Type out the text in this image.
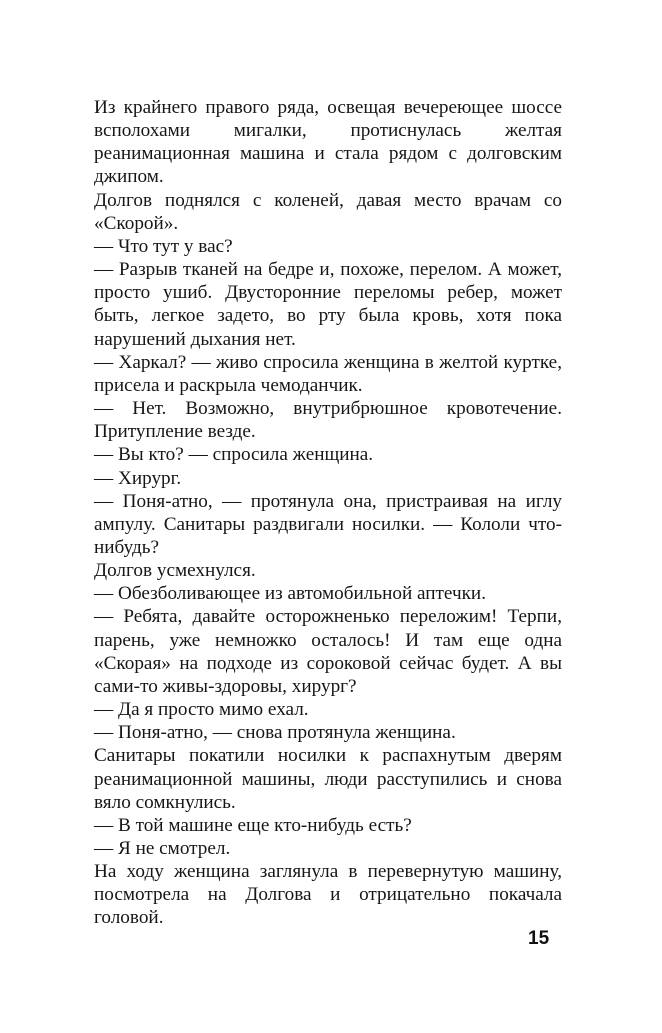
Из крайнего правого ряда, освещая вечереющее шоссе всполохами мигалки, протиснулась желтая реанимационная машина и стала рядом с долговским джипом.

Долгов поднялся с коленей, давая место врачам со «Скорой».

— Что тут у вас?

— Разрыв тканей на бедре и, похоже, перелом. А может, просто ушиб. Двусторонние переломы ребер, может быть, легкое задето, во рту была кровь, хотя пока нарушений дыхания нет.

— Харкал? — живо спросила женщина в желтой куртке, присела и раскрыла чемоданчик.

— Нет. Возможно, внутрибрюшное кровотечение. Притупление везде.

— Вы кто? — спросила женщина.

— Хирург.

— Поня-атно, — протянула она, пристраивая на иглу ампулу. Санитары раздвигали носилки. — Кололи что-нибудь?

Долгов усмехнулся.

— Обезболивающее из автомобильной аптечки.

— Ребята, давайте осторожненько переложим! Терпи, парень, уже немножко осталось! И там еще одна «Скорая» на подходе из сороковой сейчас будет. А вы сами-то живы-здоровы, хирург?

— Да я просто мимо ехал.

— Поня-атно, — снова протянула женщина.

Санитары покатили носилки к распахнутым дверям реанимационной машины, люди расступились и снова вяло сомкнулись.

— В той машине еще кто-нибудь есть?

— Я не смотрел.

На ходу женщина заглянула в перевернутую машину, посмотрела на Долгова и отрицательно покачала головой.

15
